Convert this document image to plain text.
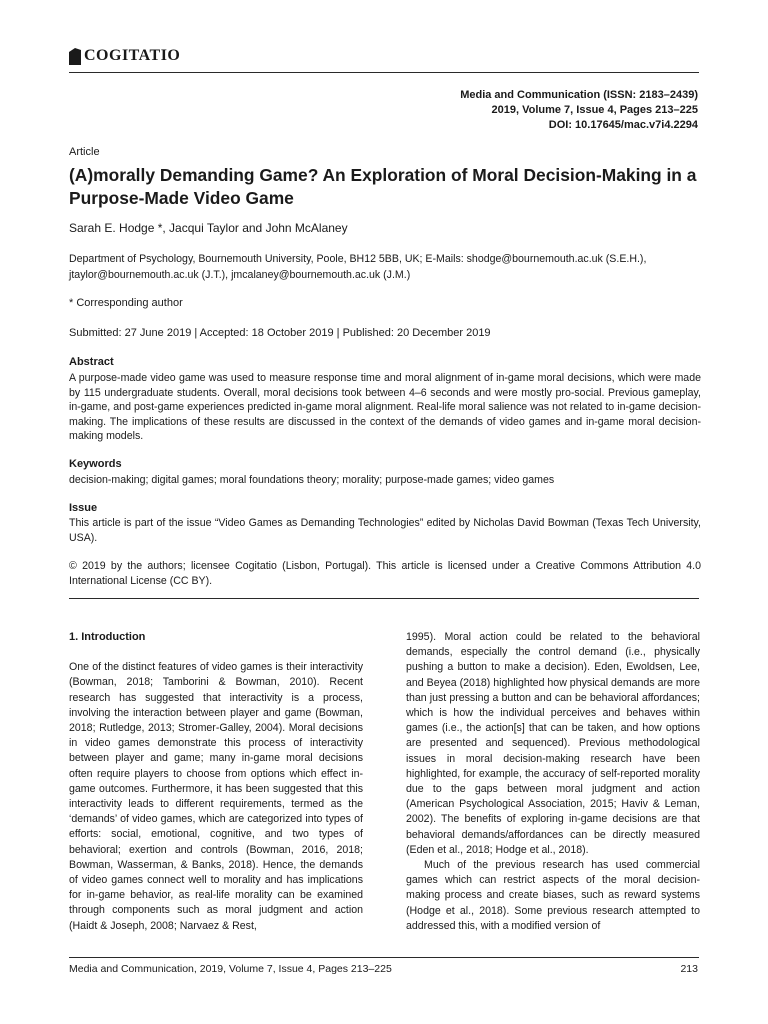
COGITATIO
Media and Communication (ISSN: 2183–2439)
2019, Volume 7, Issue 4, Pages 213–225
DOI: 10.17645/mac.v7i4.2294
Article
(A)morally Demanding Game? An Exploration of Moral Decision-Making in a Purpose-Made Video Game
Sarah E. Hodge *, Jacqui Taylor and John McAlaney
Department of Psychology, Bournemouth University, Poole, BH12 5BB, UK; E-Mails: shodge@bournemouth.ac.uk (S.E.H.), jtaylor@bournemouth.ac.uk (J.T.), jmcalaney@bournemouth.ac.uk (J.M.)
* Corresponding author
Submitted: 27 June 2019 | Accepted: 18 October 2019 | Published: 20 December 2019
Abstract
A purpose-made video game was used to measure response time and moral alignment of in-game moral decisions, which were made by 115 undergraduate students. Overall, moral decisions took between 4–6 seconds and were mostly pro-social. Previous gameplay, in-game, and post-game experiences predicted in-game moral alignment. Real-life moral salience was not related to in-game decision-making. The implications of these results are discussed in the context of the demands of video games and in-game moral decision-making models.
Keywords
decision-making; digital games; moral foundations theory; morality; purpose-made games; video games
Issue
This article is part of the issue “Video Games as Demanding Technologies” edited by Nicholas David Bowman (Texas Tech University, USA).
© 2019 by the authors; licensee Cogitatio (Lisbon, Portugal). This article is licensed under a Creative Commons Attribution 4.0 International License (CC BY).
1. Introduction

One of the distinct features of video games is their interactivity (Bowman, 2018; Tamborini & Bowman, 2010). Recent research has suggested that interactivity is a process, involving the interaction between player and game (Bowman, 2018; Rutledge, 2013; Stromer-Galley, 2004). Moral decisions in video games demonstrate this process of interactivity between player and game; many in-game moral decisions often require players to choose from options which effect in-game outcomes. Furthermore, it has been suggested that this interactivity leads to different requirements, termed as the ‘demands’ of video games, which are categorized into types of efforts: social, emotional, cognitive, and two types of behavioral; exertion and controls (Bowman, 2016, 2018; Bowman, Wasserman, & Banks, 2018). Hence, the demands of video games connect well to morality and has implications for in-game behavior, as real-life morality can be examined through components such as moral judgment and action (Haidt & Joseph, 2008; Narvaez & Rest,

1995). Moral action could be related to the behavioral demands, especially the control demand (i.e., physically pushing a button to make a decision). Eden, Ewoldsen, Lee, and Beyea (2018) highlighted how physical demands are more than just pressing a button and can be behavioral affordances; which is how the individual perceives and behaves within games (i.e., the action[s] that can be taken, and how options are presented and sequenced). Previous methodological issues in moral decision-making research have been highlighted, for example, the accuracy of self-reported morality due to the gaps between moral judgment and action (American Psychological Association, 2015; Haviv & Leman, 2002). The benefits of exploring in-game decisions are that behavioral demands/affordances can be directly measured (Eden et al., 2018; Hodge et al., 2018).

Much of the previous research has used commercial games which can restrict aspects of the moral decision-making process and create biases, such as reward systems (Hodge et al., 2018). Some previous research attempted to addressed this, with a modified version of

Media and Communication, 2019, Volume 7, Issue 4, Pages 213–225	213
